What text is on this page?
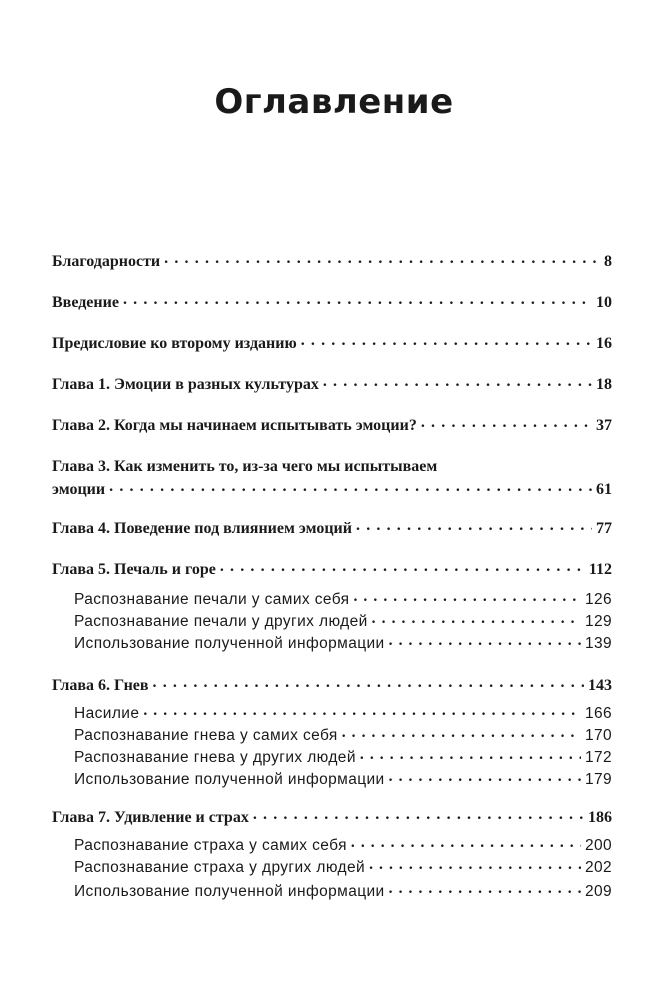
Оглавление
Благодарности . . .	8
Введение . . .	10
Предисловие ко второму изданию . . .	16
Глава 1. Эмоции в разных культурах . . .	18
Глава 2. Когда мы начинаем испытывать эмоции? . . .	37
Глава 3. Как изменить то, из-за чего мы испытываем
эмоции . . .	61
Глава 4. Поведение под влиянием эмоций . . .	77
Глава 5. Печаль и горе . . .	112
Распознавание печали у самих себя . . .	126
Распознавание печали у других людей . . .	129
Использование полученной информации . . .	139
Глава 6. Гнев . . .	143
Насилие . . .	166
Распознавание гнева у самих себя . . .	170
Распознавание гнева у других людей . . .	172
Использование полученной информации . . .	179
Глава 7. Удивление и страх . . .	186
Распознавание страха у самих себя . . .	200
Распознавание страха у других людей . . .	202
Использование полученной информации . . .	209
